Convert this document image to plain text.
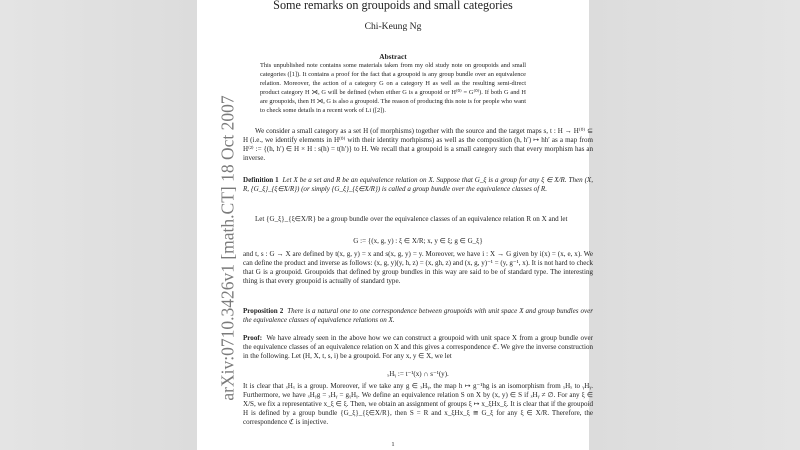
Some remarks on groupoids and small categories
Chi-Keung Ng
Abstract
This unpublished note contains some materials taken from my old study note on groupoids and small categories ([1]). It contains a proof for the fact that a groupoid is any group bundle over an equivalence relation. Moreover, the action of a category G on a category H as well as the resulting semi-direct product category H ⋊ₐ G will be defined (when either G is a groupoid or H⁽⁰⁾ = G⁽⁰⁾). If both G and H are groupoids, then H ⋊ₐ G is also a groupoid. The reason of producing this note is for people who want to check some details in a recent work of Li ([2]).
We consider a small category as a set H (of morphisms) together with the source and the target maps s, t : H → H⁽⁰⁾ ⊆ H (i.e., we identify elements in H⁽⁰⁾ with their identity morhpisms) as well as the composition (h, h′) ↦ hh′ as a map from H⁽²⁾ := {(h, h′) ∈ H × H : s(h) = t(h′)} to H. We recall that a groupoid is a small category such that every morphism has an inverse.
Definition 1 Let X be a set and R be an equivalence relation on X. Suppose that G_ξ is a group for any ξ ∈ X/R. Then (X, R, {G_ξ}_{ξ∈X/R}) (or simply {G_ξ}_{ξ∈X/R}) is called a group bundle over the equivalence classes of R.
Let {G_ξ}_{ξ∈X/R} be a group bundle over the equivalence classes of an equivalence relation R on X and let
G := {(x, g, y) : ξ ∈ X/R; x, y ∈ ξ; g ∈ G_ξ}
and t, s : G → X are defined by t(x, g, y) = x and s(x, g, y) = y. Moreover, we have i : X → G given by i(x) = (x, e, x). We can define the product and inverse as follows: (x, g, y)(y, h, z) = (x, gh, z) and (x, g, y)⁻¹ = (y, g⁻¹, x). It is not hard to check that G is a groupoid. Groupoids that defined by group bundles in this way are said to be of standard type. The interesting thing is that every groupoid is actually of standard type.
Proposition 2 There is a natural one to one correspondence between groupoids with unit space X and group bundles over the equivalence classes of equivalence relations on X.
Proof: We have already seen in the above how we can construct a groupoid with unit space X from a group bundle over the equivalence classes of an equivalence relation on X and this gives a correspondence ℭ. We give the inverse construction in the following. Let (H, X, t, s, i) be a groupoid. For any x, y ∈ X, we let
ₓHᵧ := t⁻¹(x) ∩ s⁻¹(y).
It is clear that ₓHₓ is a group. Moreover, if we take any g ∈ ₓHᵧ, the map h ↦ g⁻¹hg is an isomorphism from ₓHₓ to ᵧHᵧ. Furthermore, we have ₓHᵧg = ₓHᵧ = gᵧHᵧ. We define an equivalence relation S on X by (x, y) ∈ S if ₓHᵧ ≠ ∅. For any ξ ∈ X/S, we fix a representative x_ξ ∈ ξ. Then, we obtain an assignment of groups ξ ↦ x_ξHx_ξ. It is clear that if the groupoid H is defined by a group bundle {G_ξ}_{ξ∈X/R}, then S = R and x_ξHx_ξ ≅ G_ξ for any ξ ∈ X/R. Therefore, the correspondence ℭ is injective.
1
arXiv:0710.3426v1 [math.CT] 18 Oct 2007
